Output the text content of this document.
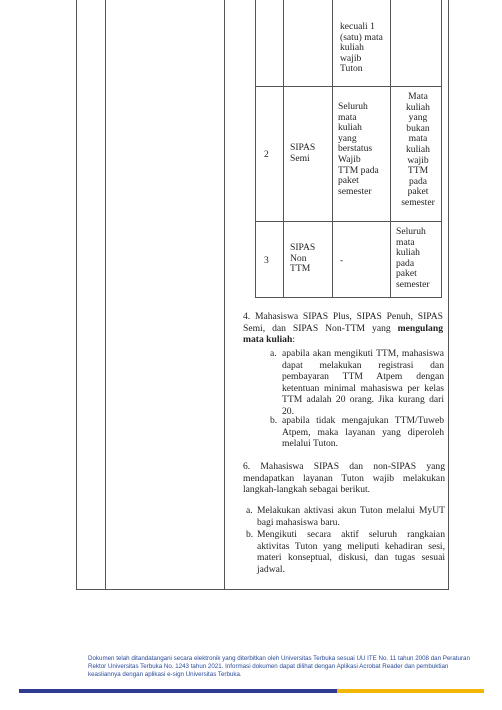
kecuali 1
(satu) mata
kuliah
wajib
Tuton
2
SIPAS
Semi
Seluruh
mata
kuliah
yang
berstatus
Wajib
TTM pada
paket
semester
Mata
kuliah
yang
bukan
mata
kuliah
wajib
TTM
pada
paket
semester
3
SIPAS
Non
TTM
-
Seluruh
mata
kuliah
pada
paket
semester
4. Mahasiswa SIPAS Plus, SIPAS Penuh, SIPAS Semi, dan SIPAS Non-TTM yang mengulang mata kuliah:
a. apabila akan mengikuti TTM, mahasiswa dapat melakukan registrasi dan pembayaran TTM Atpem dengan ketentuan minimal mahasiswa per kelas TTM adalah 20 orang. Jika kurang dari 20.
b. apabila tidak mengajukan TTM/Tuweb Atpem, maka layanan yang diperoleh melalui Tuton.
6. Mahasiswa SIPAS dan non-SIPAS yang mendapatkan layanan Tuton wajib melakukan langkah-langkah sebagai berikut.
a. Melakukan aktivasi akun Tuton melalui MyUT bagi mahasiswa baru.
b. Mengikuti secara aktif seluruh rangkaian aktivitas Tuton yang meliputi kehadiran sesi, materi konseptual, diskusi, dan tugas sesuai jadwal.
Dokumen telah ditandatangani secara elektronik yang diterbitkan oleh Universitas Terbuka sesuai UU ITE No. 11 tahun 2008 dan Peraturan Rektor Universitas Terbuka No. 1243 tahun 2021. Informasi dokumen dapat dilihat dengan Aplikasi Acrobat Reader dan pembuktian keasliannya dengan aplikasi e-sign Universitas Terbuka.
